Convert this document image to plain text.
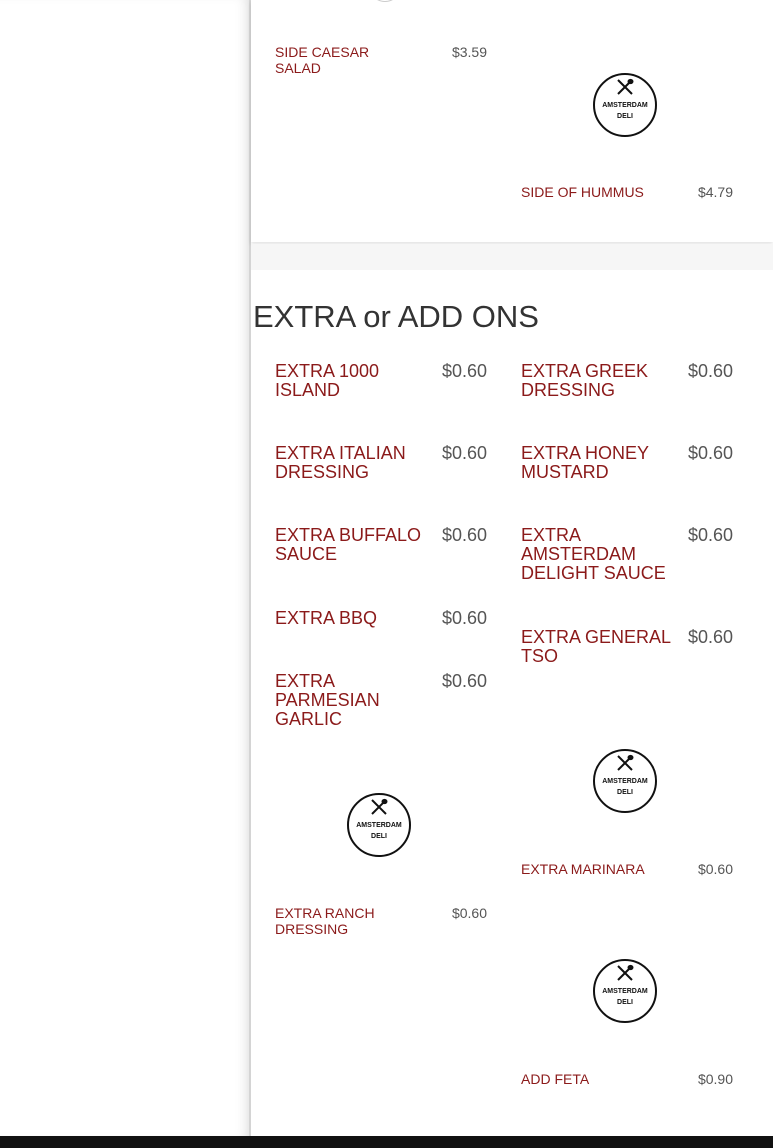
SIDE CAESAR SALAD
$3.59
AMSTERDAM
DELI
SIDE OF HUMMUS	$4.79
EXTRA or ADD ONS
EXTRA 1000 ISLAND
$0.60
EXTRA ITALIAN DRESSING
$0.60
EXTRA BUFFALO SAUCE
$0.60
EXTRA BBQ	$0.60
EXTRA PARMESIAN GARLIC
$0.60
EXTRA GREEK DRESSING
$0.60
EXTRA HONEY MUSTARD
$0.60
EXTRA AMSTERDAM DELIGHT SAUCE
$0.60
EXTRA GENERAL TSO
$0.60
AMSTERDAM
DELI
EXTRA MARINARA	$0.60
AMSTERDAM
DELI
EXTRA RANCH DRESSING
$0.60
AMSTERDAM
DELI
ADD FETA	$0.90
